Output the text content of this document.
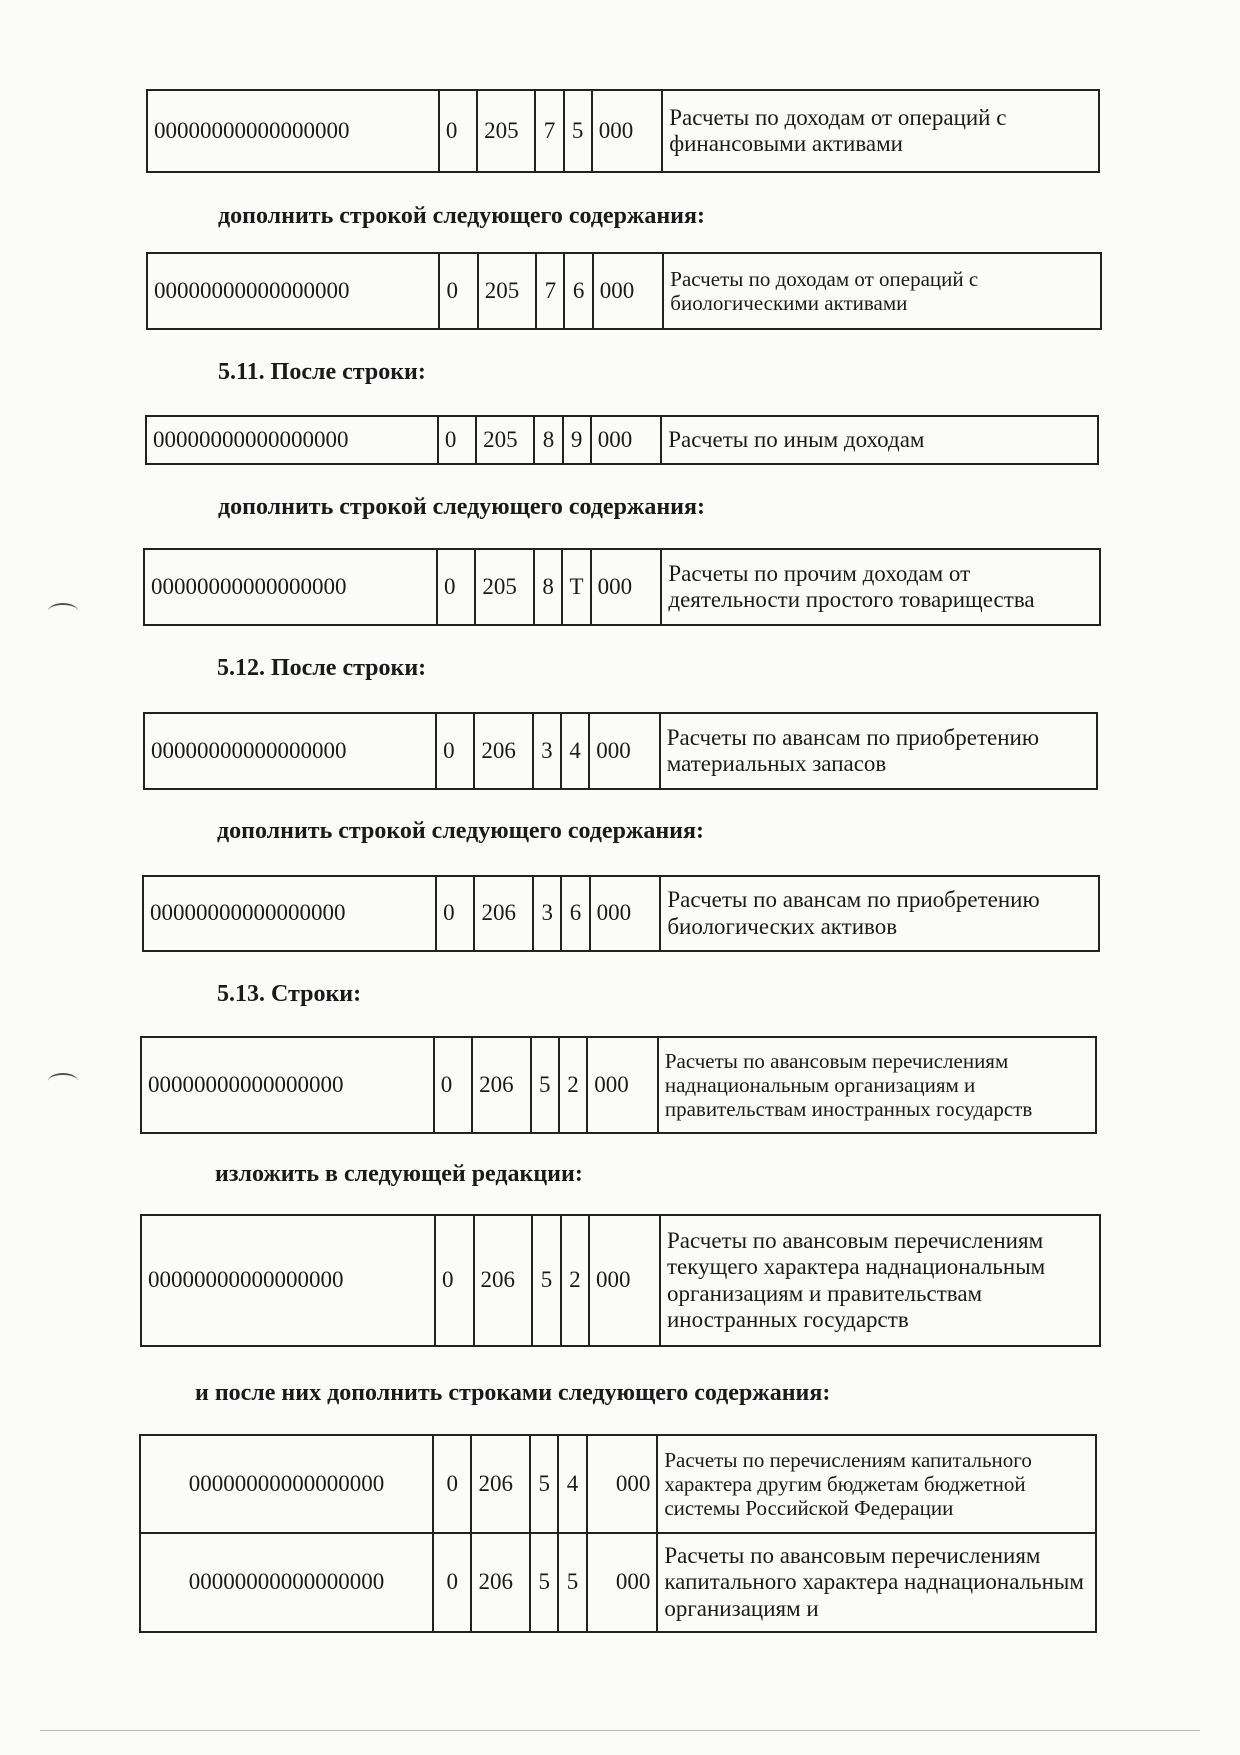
00000000000000000	0	205	7	5	000	Расчеты по доходам от операций с финансовыми активами
дополнить строкой следующего содержания:
00000000000000000	0	205	7	6	000	Расчеты по доходам от операций с биологическими активами
5.11. После строки:
00000000000000000	0	205	8	9	000	Расчеты по иным доходам
дополнить строкой следующего содержания:
00000000000000000	0	205	8	Т	000	Расчеты по прочим доходам от деятельности простого товарищества
5.12. После строки:
00000000000000000	0	206	3	4	000	Расчеты по авансам по приобретению материальных запасов
дополнить строкой следующего содержания:
00000000000000000	0	206	3	6	000	Расчеты по авансам по приобретению биологических активов
5.13. Строки:
00000000000000000	0	206	5	2	000	Расчеты по авансовым перечислениям наднациональным организациям и правительствам иностранных государств
изложить в следующей редакции:
00000000000000000	0	206	5	2	000	Расчеты по авансовым перечислениям текущего характера наднациональным организациям и правительствам иностранных государств
и после них дополнить строками следующего содержания:
00000000000000000	0	206	5	4	000	Расчеты по перечислениям капитального характера другим бюджетам бюджетной системы Российской Федерации
00000000000000000	0	206	5	5	000	Расчеты по авансовым перечислениям капитального характера наднациональным организациям и
